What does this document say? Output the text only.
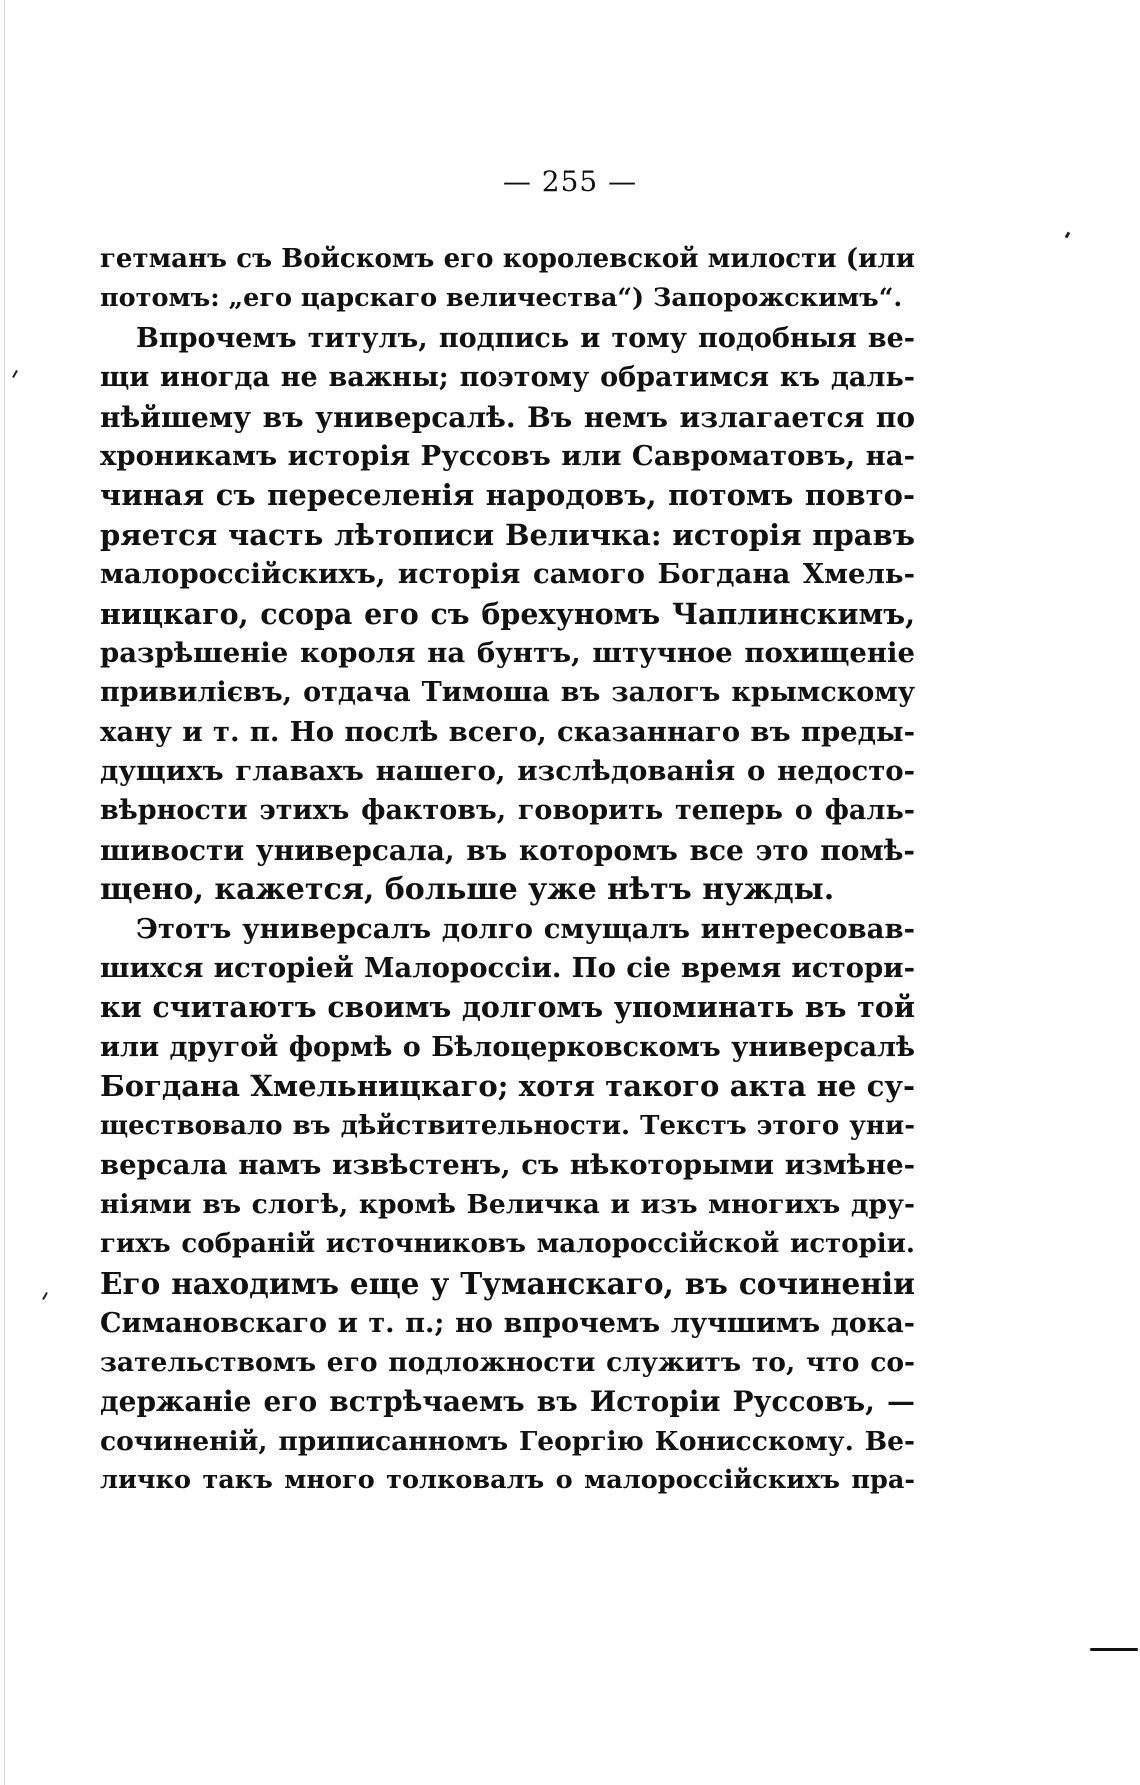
— 255 —
гетманъ съ Войскомъ его королевской милости (или
потомъ: „его царскаго величества“) Запорожскимъ“.
Впрочемъ титулъ, подпись и тому подобныя ве-
щи иногда не важны; поэтому обратимся къ даль-
нѣйшему въ универсалѣ. Въ немъ излагается по
хроникамъ исторія Руссовъ или Савроматовъ, на-
чиная съ переселенія народовъ, потомъ повто-
ряется часть лѣтописи Величка: исторія правъ
малороссійскихъ, исторія самого Богдана Хмель-
ницкаго, ссора его съ брехуномъ Чаплинскимъ,
разрѣшеніе короля на бунтъ, штучное похищеніе
привилієвъ, отдача Тимоша въ залогъ крымскому
хану и т. п. Но послѣ всего, сказаннаго въ преды-
дущихъ главахъ нашего, изслѣдованія о недосто-
вѣрности этихъ фактовъ, говорить теперь о фаль-
шивости универсала, въ которомъ все это помѣ-
щено, кажется, больше уже нѣтъ нужды.
Этотъ универсалъ долго смущалъ интересовав-
шихся исторіей Малороссіи. По сіе время истори-
ки считаютъ своимъ долгомъ упоминать въ той
или другой формѣ о Бѣлоцерковскомъ универсалѣ
Богдана Хмельницкаго; хотя такого акта не су-
ществовало въ дѣйствительности. Текстъ этого уни-
версала намъ извѣстенъ, съ нѣкоторыми измѣне-
ніями въ слогѣ, кромѣ Величка и изъ многихъ дру-
гихъ собраній источниковъ малороссійской исторіи.
Его находимъ еще у Туманскаго, въ сочиненіи
Симановскаго и т. п.; но впрочемъ лучшимъ дока-
зательствомъ его подложности служитъ то, что со-
держаніе его встрѣчаемъ въ Исторіи Руссовъ, —
сочиненій, приписанномъ Георгію Конисскому. Ве-
личко такъ много толковалъ о малороссійскихъ пра-
